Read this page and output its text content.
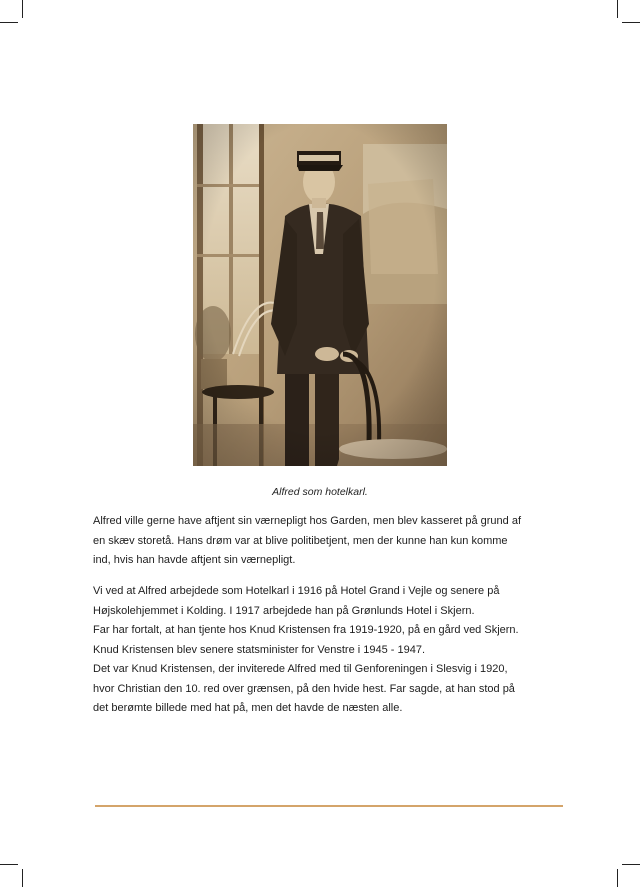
Alfred som hotelkarl.
Alfred ville gerne have aftjent sin værnepligt hos Garden, men blev kasseret på grund af
en skæv storetå. Hans drøm var at blive politibetjent, men der kunne han kun komme
ind, hvis han havde aftjent sin værnepligt.
Vi ved at Alfred arbejdede som Hotelkarl i 1916 på Hotel Grand i Vejle og senere på
Højskolehjemmet i Kolding. I 1917 arbejdede han på Grønlunds Hotel i Skjern.
Far har fortalt, at han tjente hos Knud Kristensen fra 1919-1920, på en gård ved Skjern.
Knud Kristensen blev senere statsminister for Venstre i 1945 - 1947.
Det var Knud Kristensen, der inviterede Alfred med til Genforeningen i Slesvig i 1920,
hvor Christian den 10. red over grænsen, på den hvide hest. Far sagde, at han stod på
det berømte billede med hat på, men det havde de næsten alle.
